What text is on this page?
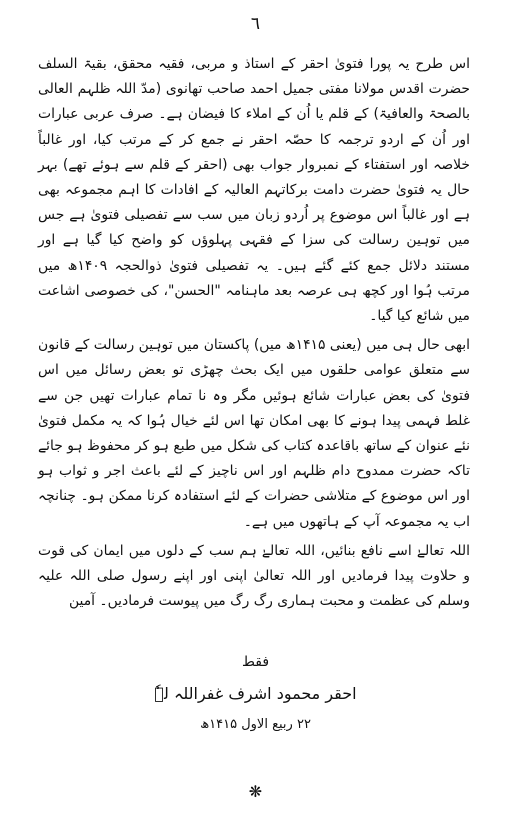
٦

اس طرح یہ پورا فتویٰ احقر کے استاذ و مربی، فقیہ محقق، بقیۃ السلف حضرت اقدس مولانا مفتی جمیل احمد صاحب تھانوی (مدّ اللہ ظلہم العالی بالصحۃ والعافیۃ) کے قلم یا اُن کے املاء کا فیضان ہے۔ صرف عربی عبارات اور اُن کے اردو ترجمہ کا حصّہ احقر نے جمع کر کے مرتب کیا، اور غالباً خلاصہ اور استفتاء کے نمبروار جواب بھی (احقر کے قلم سے ہوئے تھے) بہر حال یہ فتویٰ حضرت دامت برکاتہم العالیہ کے افادات کا اہم مجموعہ بھی ہے اور غالباً اس موضوع پر اُردو زبان میں سب سے تفصیلی فتویٰ ہے جس میں توہین رسالت کی سزا کے فقہی پہلوؤں کو واضح کیا گیا ہے اور مستند دلائل جمع کئے گئے ہیں۔ یہ تفصیلی فتویٰ ذوالحجہ ۱۴۰۹ھ میں مرتب ہُوا اور کچھ ہی عرصہ بعد ماہنامہ "الحسن"، کی خصوصی اشاعت میں شائع کیا گیا۔

ابھی حال ہی میں (یعنی ۱۴۱۵ھ میں) پاکستان میں توہین رسالت کے قانون سے متعلق عوامی حلقوں میں ایک بحث چھڑی تو بعض رسائل میں اس فتویٰ کی بعض عبارات شائع ہوئیں مگر وہ نا تمام عبارات تھیں جن سے غلط فہمی پیدا ہونے کا بھی امکان تھا اس لئے خیال ہُوا کہ یہ مکمل فتویٰ نئے عنوان کے ساتھ باقاعدہ کتاب کی شکل میں طبع ہو کر محفوظ ہو جائے تاکہ حضرت ممدوح دام ظلہم اور اس ناچیز کے لئے باعث اجر و ثواب ہو اور اس موضوع کے متلاشی حضرات کے لئے استفادہ کرنا ممکن ہو۔ چنانچہ اب یہ مجموعہ آپ کے ہاتھوں میں ہے۔

اللہ تعالےٰ اسے نافع بنائیں، اللہ تعالےٰ ہم سب کے دلوں میں ایمان کی قوت و حلاوت پیدا فرمادیں اور اللہ تعالیٰ اپنی اور اپنے رسول صلی اللہ علیہ وسلم کی عظمت و محبت ہماری رگ رگ میں پیوست فرمادیں۔ آمین

فقط
احقر محمود اشرف غفراللہ لہٗ
۲۲ ربیع الاول ۱۴۱۵ھ
❋
